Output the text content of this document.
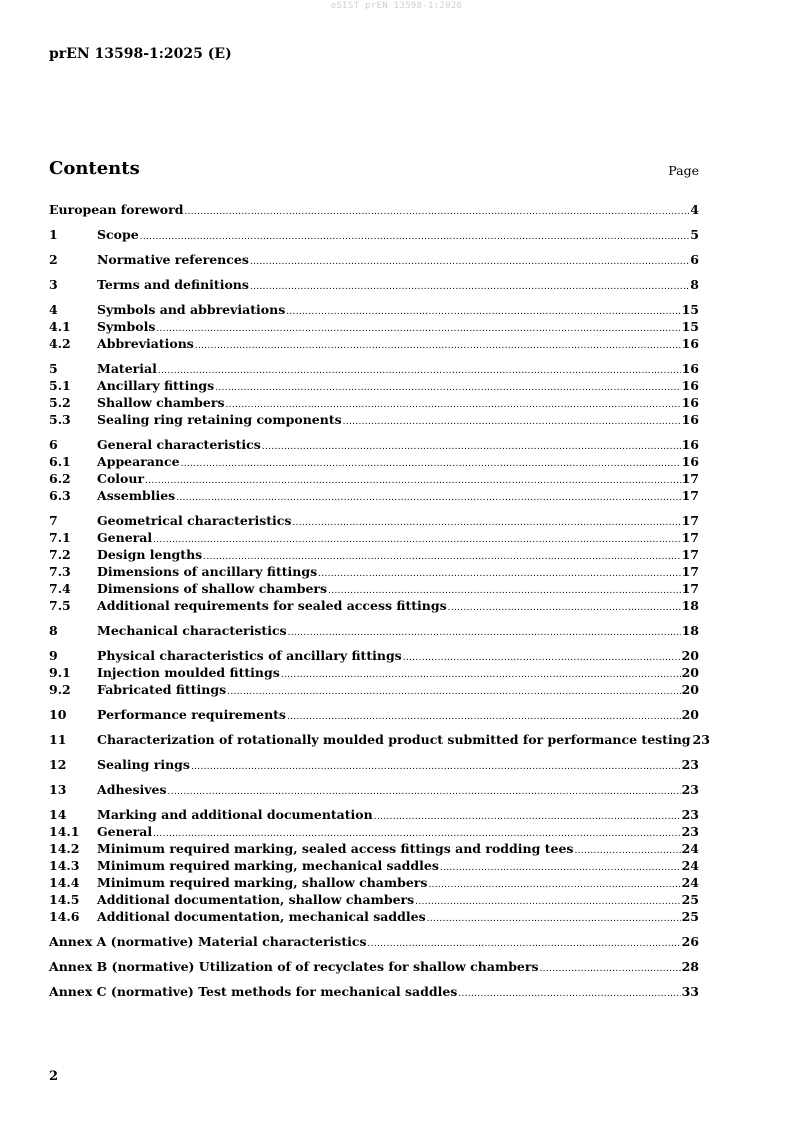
oSIST prEN 13598-1:2026
prEN 13598-1:2025 (E)
Contents	Page
European foreword .....	4
1	Scope .....	5
2	Normative references .....	6
3	Terms and definitions .....	8
4	Symbols and abbreviations .....	15
4.1	Symbols .....	15
4.2	Abbreviations .....	16
5	Material .....	16
5.1	Ancillary fittings .....	16
5.2	Shallow chambers .....	16
5.3	Sealing ring retaining components .....	16
6	General characteristics .....	16
6.1	Appearance .....	16
6.2	Colour .....	17
6.3	Assemblies .....	17
7	Geometrical characteristics .....	17
7.1	General .....	17
7.2	Design lengths .....	17
7.3	Dimensions of ancillary fittings .....	17
7.4	Dimensions of shallow chambers .....	17
7.5	Additional requirements for sealed access fittings .....	18
8	Mechanical characteristics .....	18
9	Physical characteristics of ancillary fittings .....	20
9.1	Injection moulded fittings .....	20
9.2	Fabricated fittings .....	20
10	Performance requirements .....	20
11	Characterization of rotationally moulded product submitted for performance testing 23
12	Sealing rings .....	23
13	Adhesives .....	23
14	Marking and additional documentation .....	23
14.1	General .....	23
14.2	Minimum required marking, sealed access fittings and rodding tees .....	24
14.3	Minimum required marking, mechanical saddles .....	24
14.4	Minimum required marking, shallow chambers .....	24
14.5	Additional documentation, shallow chambers .....	25
14.6	Additional documentation, mechanical saddles .....	25
Annex A (normative) Material characteristics .....	26
Annex B (normative) Utilization of of recyclates for shallow chambers .....	28
Annex C (normative) Test methods for mechanical saddles .....	33
2
